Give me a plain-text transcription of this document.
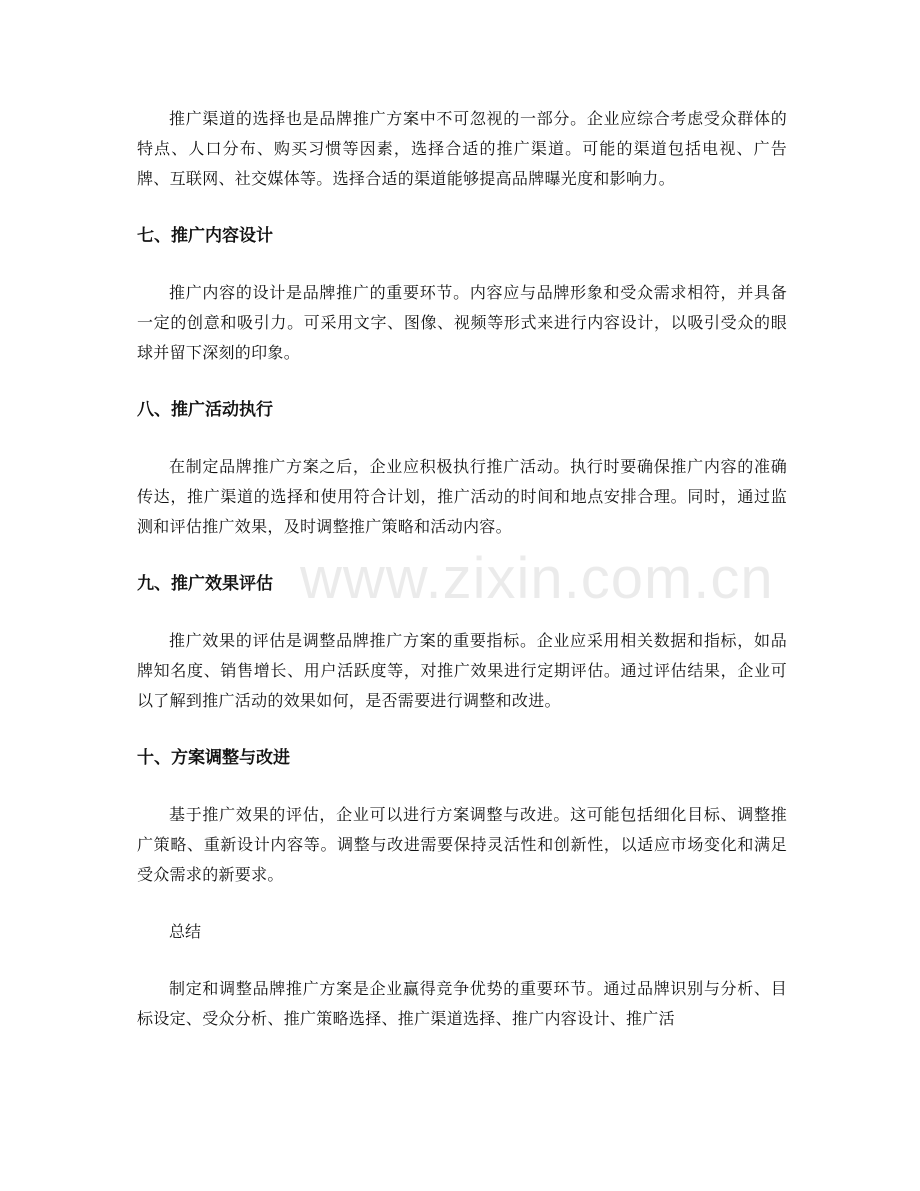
推广渠道的选择也是品牌推广方案中不可忽视的一部分。企业应综合考虑受众群体的特点、人口分布、购买习惯等因素，选择合适的推广渠道。可能的渠道包括电视、广告牌、互联网、社交媒体等。选择合适的渠道能够提高品牌曝光度和影响力。

七、推广内容设计

推广内容的设计是品牌推广的重要环节。内容应与品牌形象和受众需求相符，并具备一定的创意和吸引力。可采用文字、图像、视频等形式来进行内容设计，以吸引受众的眼球并留下深刻的印象。

八、推广活动执行

在制定品牌推广方案之后，企业应积极执行推广活动。执行时要确保推广内容的准确传达，推广渠道的选择和使用符合计划，推广活动的时间和地点安排合理。同时，通过监测和评估推广效果，及时调整推广策略和活动内容。

九、推广效果评估

推广效果的评估是调整品牌推广方案的重要指标。企业应采用相关数据和指标，如品牌知名度、销售增长、用户活跃度等，对推广效果进行定期评估。通过评估结果，企业可以了解到推广活动的效果如何，是否需要进行调整和改进。

十、方案调整与改进

基于推广效果的评估，企业可以进行方案调整与改进。这可能包括细化目标、调整推广策略、重新设计内容等。调整与改进需要保持灵活性和创新性，以适应市场变化和满足受众需求的新要求。

总结

制定和调整品牌推广方案是企业赢得竞争优势的重要环节。通过品牌识别与分析、目标设定、受众分析、推广策略选择、推广渠道选择、推广内容设计、推广活

www.zixin.com.cn
